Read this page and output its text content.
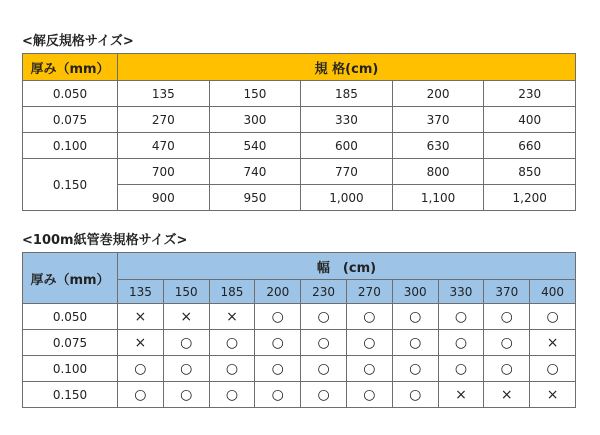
<解反規格サイズ>
厚み（mm）	規 格(cm)				
0.050	135	150	185	200	230
0.075	270	300	330	370	400
0.100	470	540	600	630	660
0.150	700	740	770	800	850
	900	950	1,000	1,100	1,200
<100m紙管巻規格サイズ>
厚み（mm）	幅　(cm)									
	135	150	185	200	230	270	300	330	370	400
0.050	×	×	×	○	○	○	○	○	○	○
0.075	×	○	○	○	○	○	○	○	○	×
0.100	○	○	○	○	○	○	○	○	○	○
0.150	○	○	○	○	○	○	○	×	×	×
